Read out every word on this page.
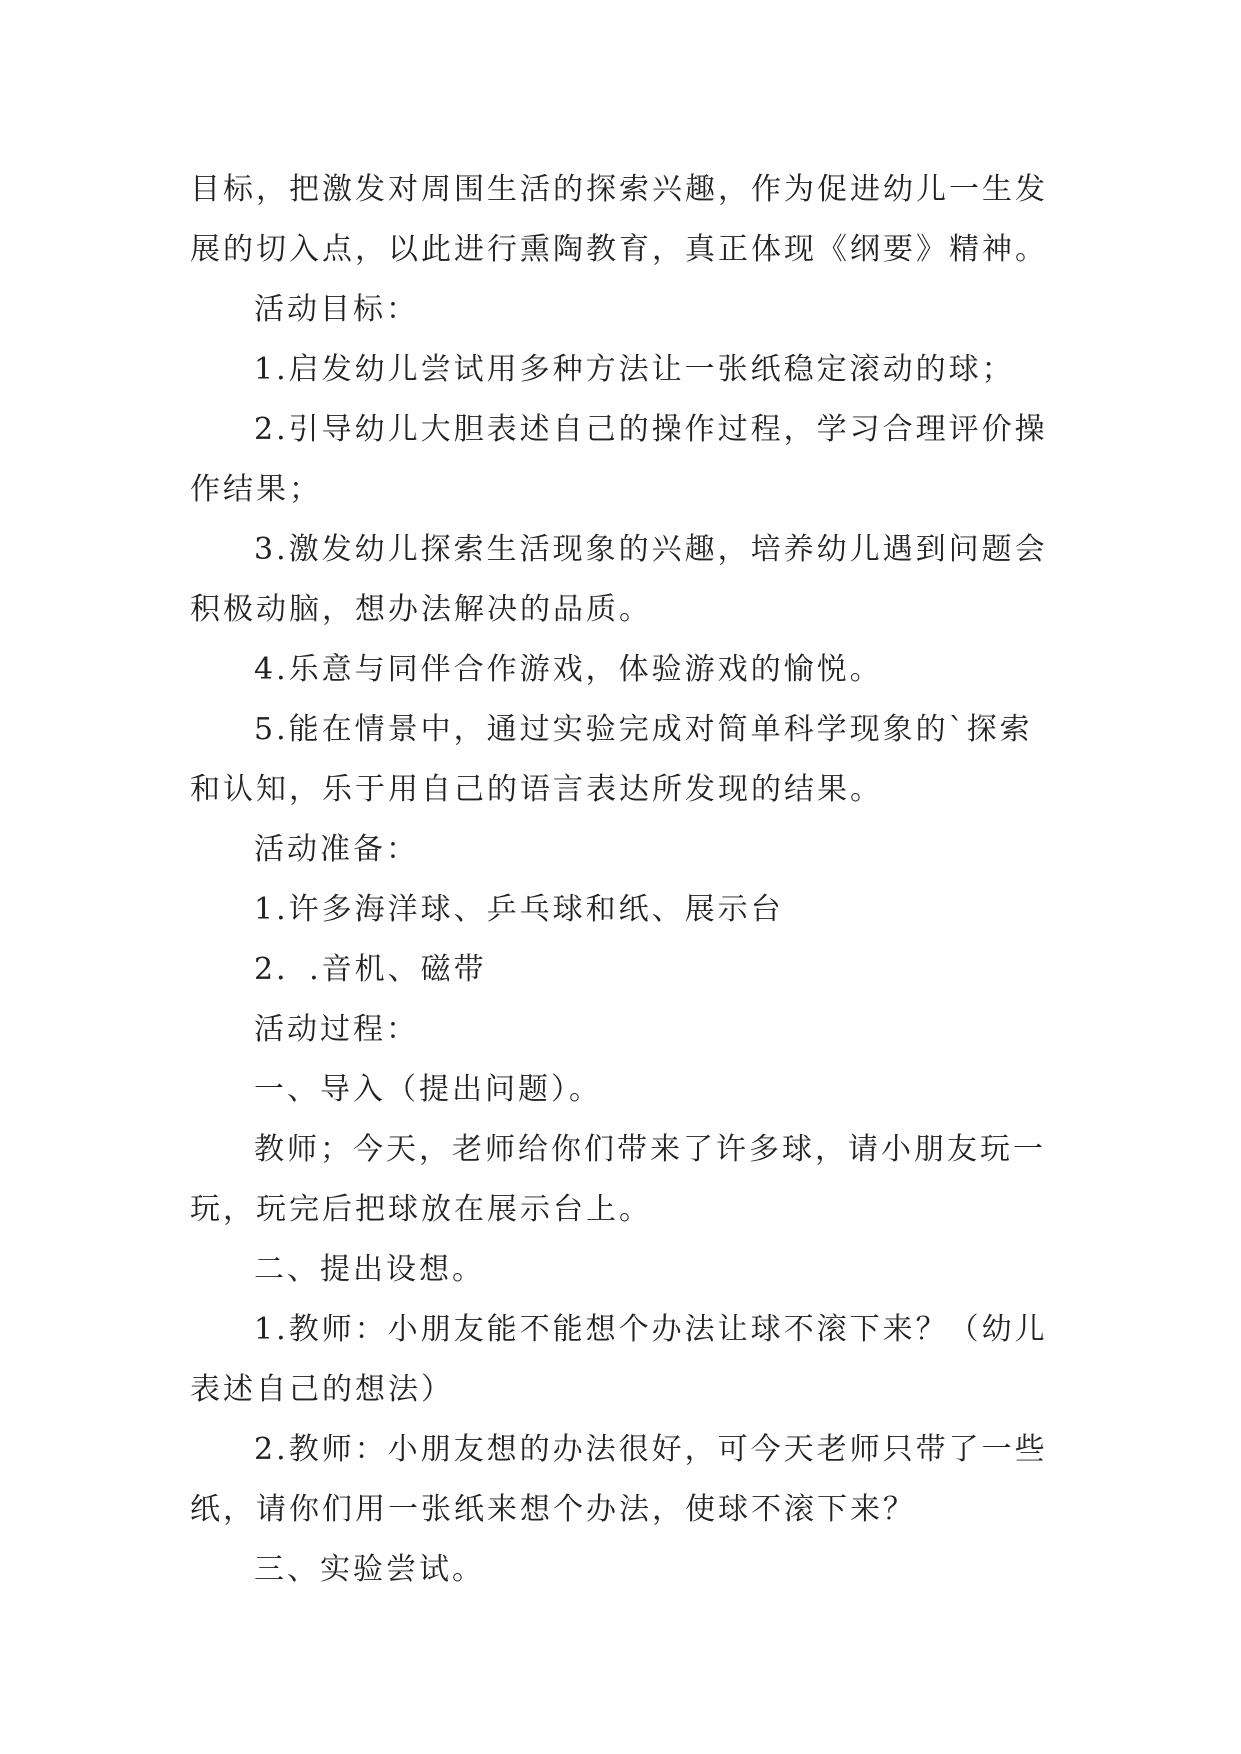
目标，把激发对周围生活的探索兴趣，作为促进幼儿一生发展的切入点，以此进行熏陶教育，真正体现《纲要》精神。

活动目标：

1.启发幼儿尝试用多种方法让一张纸稳定滚动的球；

2.引导幼儿大胆表述自己的操作过程，学习合理评价操作结果；

3.激发幼儿探索生活现象的兴趣，培养幼儿遇到问题会积极动脑，想办法解决的品质。

4.乐意与同伴合作游戏，体验游戏的愉悦。

5.能在情景中，通过实验完成对简单科学现象的`探索和认知，乐于用自己的语言表达所发现的结果。

活动准备：

1.许多海洋球、乒乓球和纸、展示台

2．.音机、磁带

活动过程：

一、导入（提出问题）。

教师；今天，老师给你们带来了许多球，请小朋友玩一玩，玩完后把球放在展示台上。

二、提出设想。

1.教师：小朋友能不能想个办法让球不滚下来？（幼儿表述自己的想法）

2.教师：小朋友想的办法很好，可今天老师只带了一些纸，请你们用一张纸来想个办法，使球不滚下来？

三、实验尝试。
